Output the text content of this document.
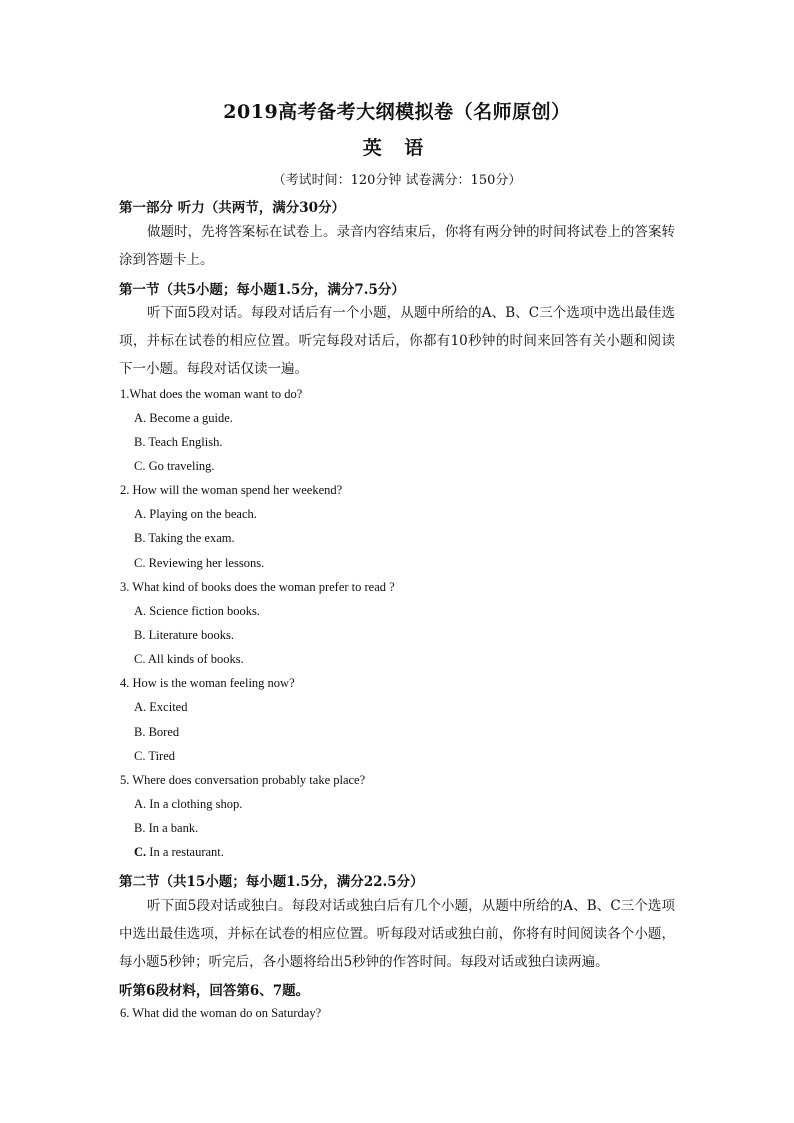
2019高考备考大纲模拟卷（名师原创）
英 语
（考试时间：120分钟 试卷满分：150分）
第一部分 听力（共两节，满分30分）
做题时，先将答案标在试卷上。录音内容结束后，你将有两分钟的时间将试卷上的答案转涂到答题卡上。
第一节（共5小题；每小题1.5分，满分7.5分）
听下面5段对话。每段对话后有一个小题，从题中所给的A、B、C三个选项中选出最佳选项，并标在试卷的相应位置。听完每段对话后，你都有10秒钟的时间来回答有关小题和阅读下一小题。每段对话仅读一遍。
1.What does the woman want to do?
A. Become a guide.
B. Teach English.
C. Go traveling.
2. How will the woman spend her weekend?
A. Playing on the beach.
B. Taking the exam.
C. Reviewing her lessons.
3. What kind of books does the woman prefer to read ?
A. Science fiction books.
B. Literature books.
C. All kinds of books.
4. How is the woman feeling now?
A. Excited
B. Bored
C. Tired
5. Where does conversation probably take place?
A. In a clothing shop.
B. In a bank.
C. In a restaurant.
第二节（共15小题；每小题1.5分，满分22.5分）
听下面5段对话或独白。每段对话或独白后有几个小题，从题中所给的A、B、C三个选项中选出最佳选项，并标在试卷的相应位置。听每段对话或独白前，你将有时间阅读各个小题，每小题5秒钟；听完后，各小题将给出5秒钟的作答时间。每段对话或独白读两遍。
听第6段材料，回答第6、7题。
6. What did the woman do on Saturday?
